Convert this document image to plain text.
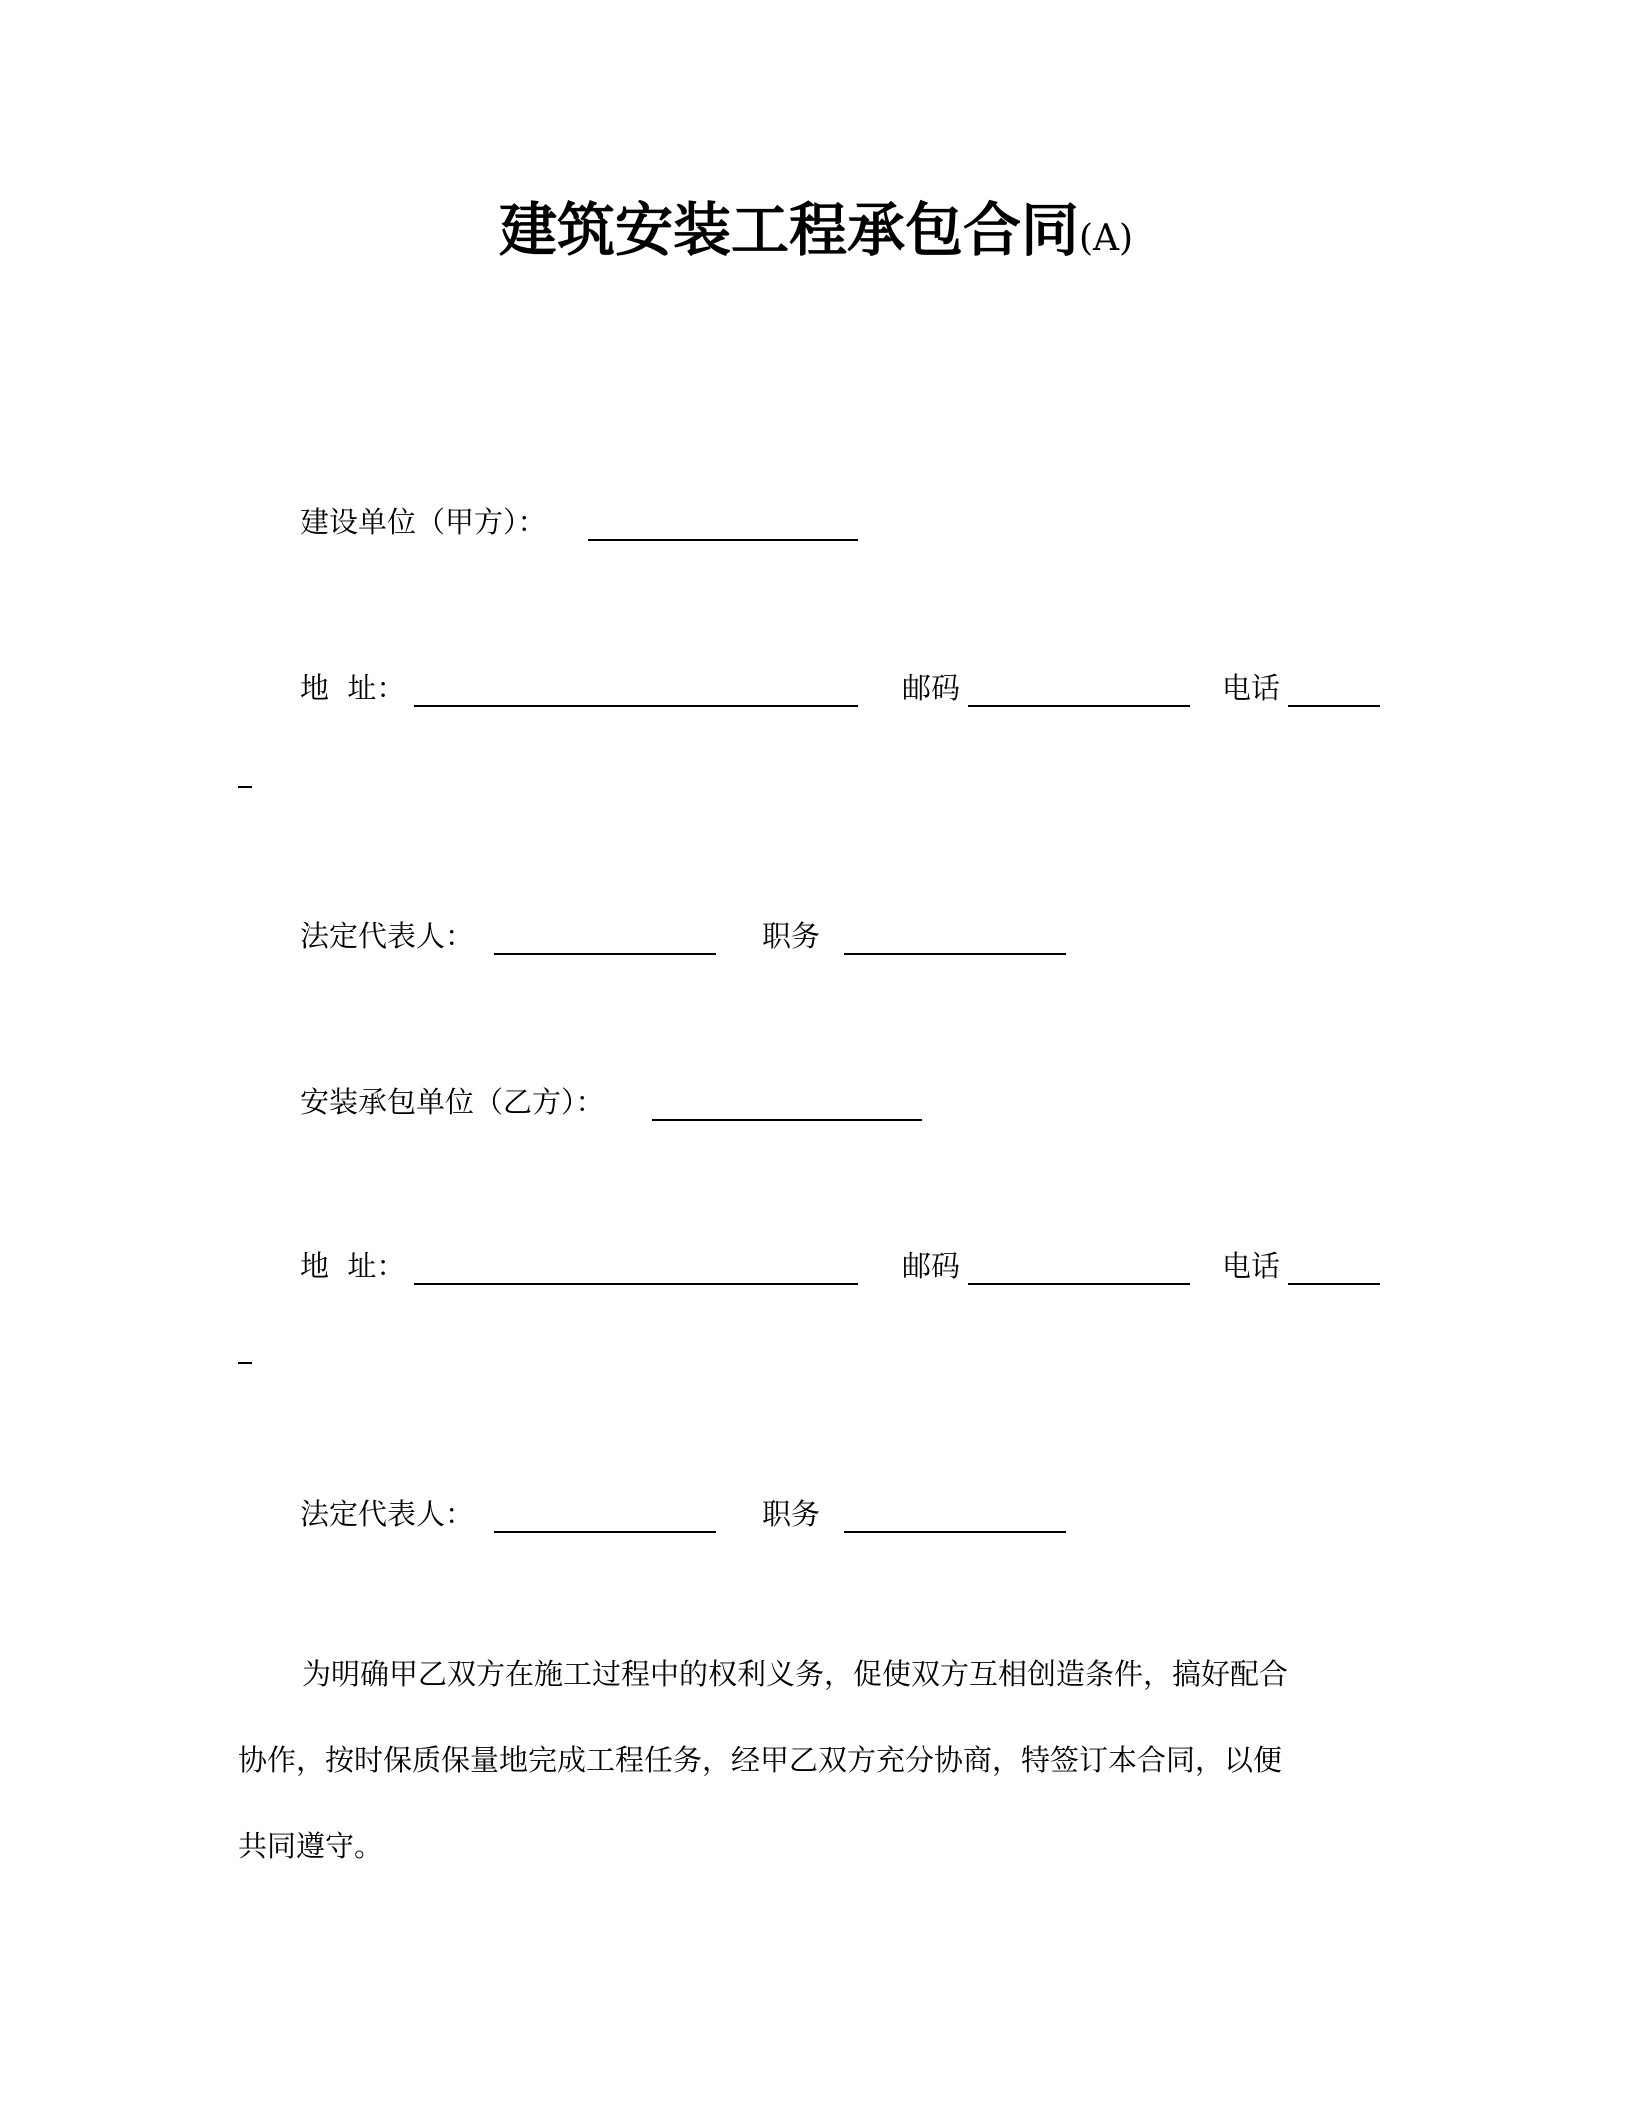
建筑安装工程承包合同(A)
建设单位（甲方）：
地  址：	邮码	电话
法定代表人：	职务
安装承包单位（乙方）：
地  址：	邮码	电话
法定代表人：	职务
为明确甲乙双方在施工过程中的权利义务，促使双方互相创造条件，搞好配合
协作，按时保质保量地完成工程任务，经甲乙双方充分协商，特签订本合同，以便
共同遵守。
